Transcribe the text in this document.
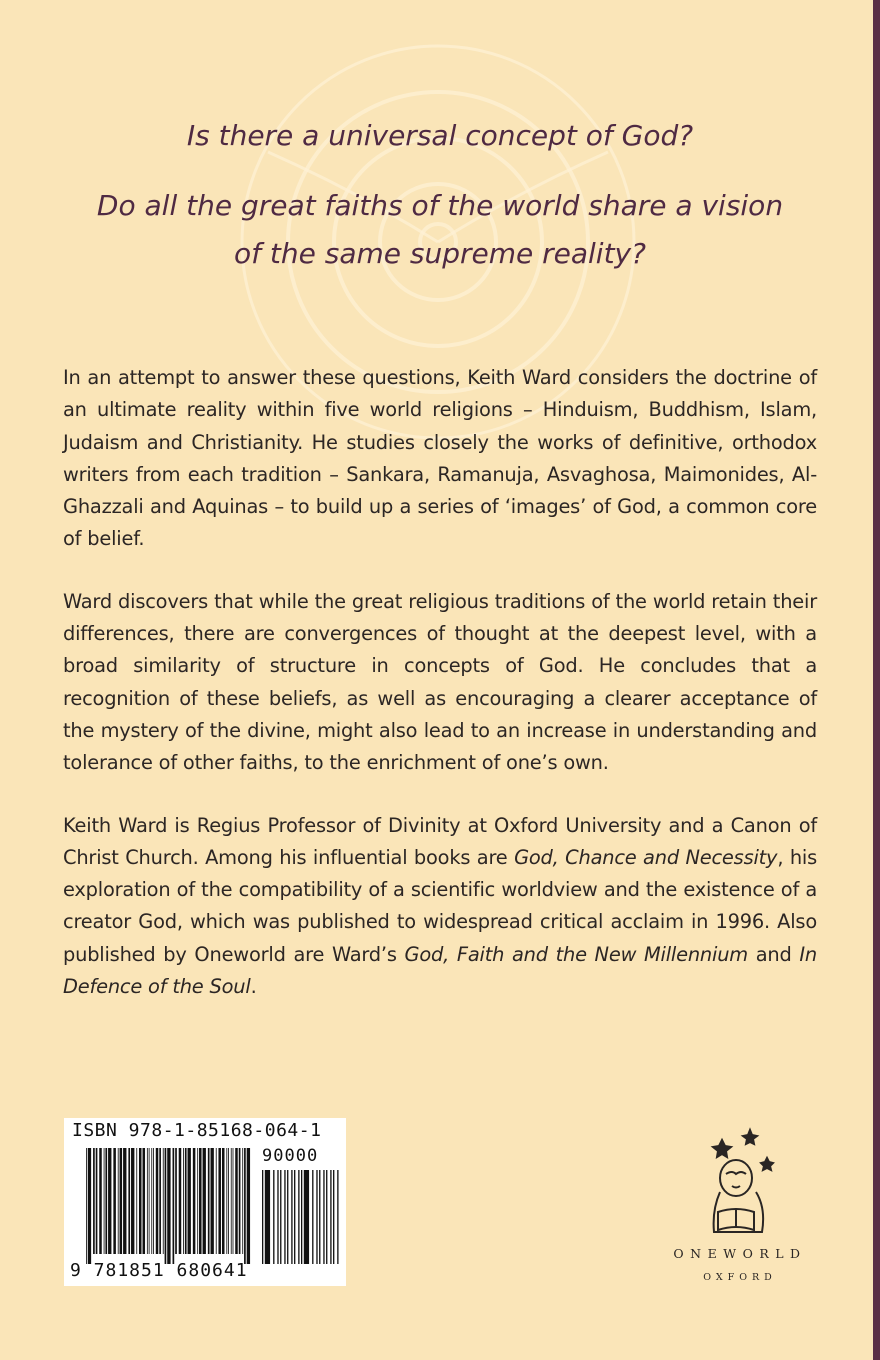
Is there a universal concept of God?

Do all the great faiths of the world share a vision

of the same supreme reality?

In an attempt to answer these questions, Keith Ward considers the doctrine of an ultimate reality within five world religions – Hinduism, Buddhism, Islam, Judaism and Christianity. He studies closely the works of definitive, orthodox writers from each tradition – Sankara, Ramanuja, Asvaghosa, Maimonides, Al-Ghazzali and Aquinas – to build up a series of ‘images’ of God, a common core of belief.

Ward discovers that while the great religious traditions of the world retain their differences, there are convergences of thought at the deepest level, with a broad similarity of structure in concepts of God. He concludes that a recognition of these beliefs, as well as encouraging a clearer acceptance of the mystery of the divine, might also lead to an increase in understanding and tolerance of other faiths, to the enrichment of one’s own.

Keith Ward is Regius Professor of Divinity at Oxford University and a Canon of Christ Church. Among his influential books are God, Chance and Necessity, his exploration of the compatibility of a scientific worldview and the existence of a creator God, which was published to widespread critical acclaim in 1996. Also published by Oneworld are Ward’s God, Faith and the New Millennium and In Defence of the Soul.

ISBN 978-1-85168-064-1
90000
9 781851 680641
ONEWORLD
OXFORD
